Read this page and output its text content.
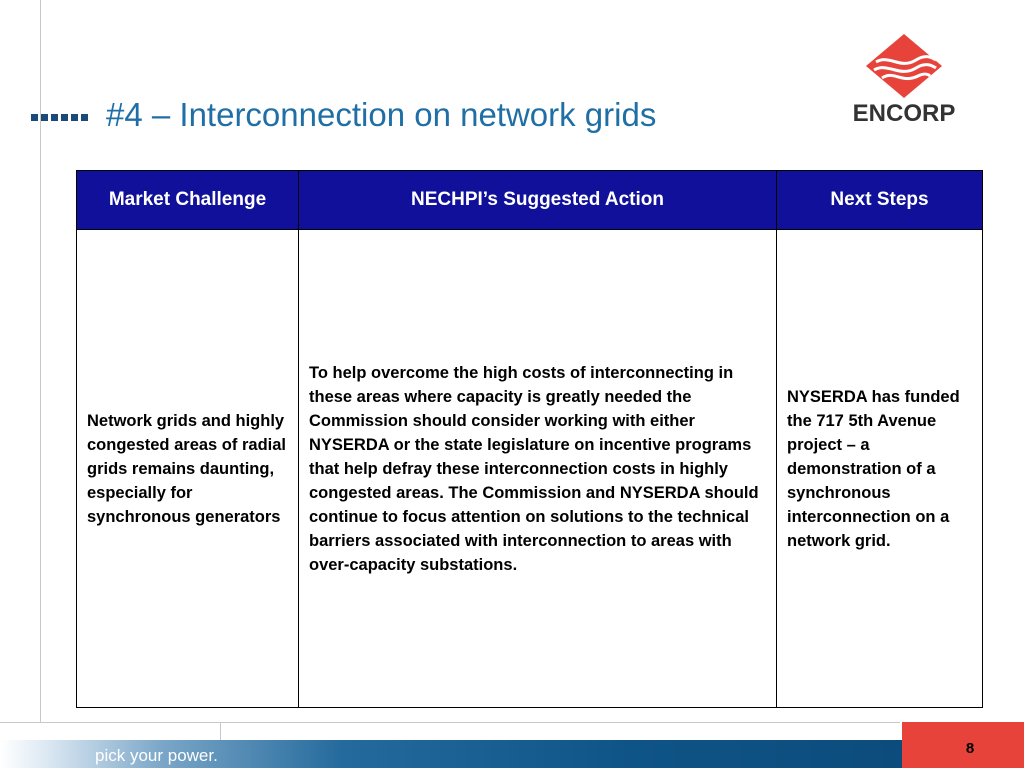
#4 – Interconnection on network grids	ENCORP
Market Challenge	NECHPI’s Suggested Action	Next Steps
Network grids and highly congested areas of radial grids remains daunting, especially for synchronous generators	To help overcome the high costs of interconnecting in these areas where capacity is greatly needed the Commission should consider working with either NYSERDA or the state legislature on incentive programs that help defray these interconnection costs in highly congested areas. The Commission and NYSERDA should continue to focus attention on solutions to the technical barriers associated with interconnection to areas with over-capacity substations.	NYSERDA has funded the 717 5th Avenue project – a demonstration of a synchronous interconnection on a network grid.
pick your power.	8
